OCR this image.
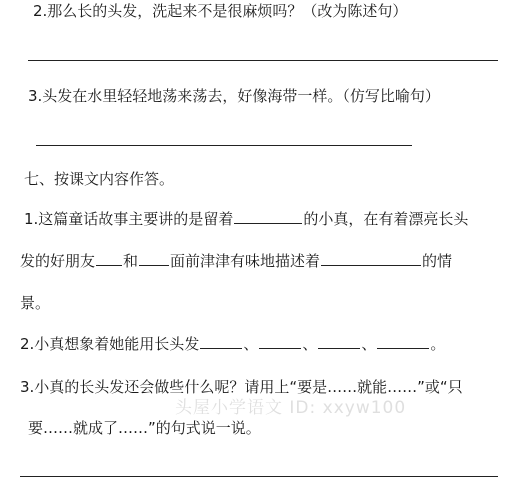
2.那么长的头发，洗起来不是很麻烦吗？（改为陈述句）
3.头发在水里轻轻地荡来荡去，好像海带一样。（仿写比喻句）
七、按课文内容作答。
1.这篇童话故事主要讲的是留着	的小真，在有着漂亮长头
发的好朋友 和 面前津津有味地描述着	的情
景。
2.小真想象着她能用长头发	、	、	、	。
3.小真的长头发还会做些什么呢？请用上“要是……就能……”或“只
要……就成了……”的句式说一说。
头屋小学语文 ID: xxyw100
